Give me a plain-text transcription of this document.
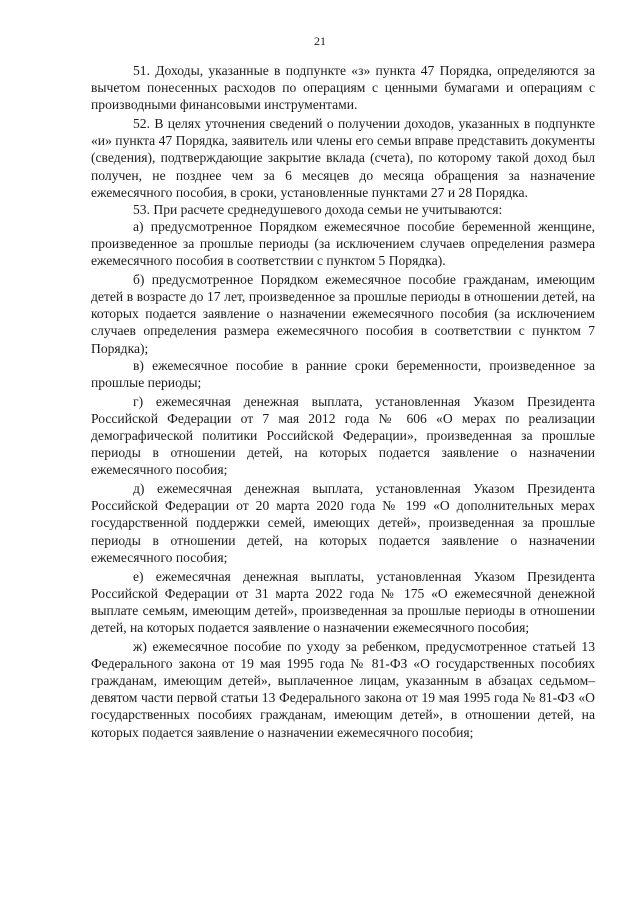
21

51. Доходы, указанные в подпункте «з» пункта 47 Порядка, определяются за вычетом понесенных расходов по операциям с ценными бумагами и операциям с производными финансовыми инструментами.

52. В целях уточнения сведений о получении доходов, указанных в подпункте «и» пункта 47 Порядка, заявитель или члены его семьи вправе представить документы (сведения), подтверждающие закрытие вклада (счета), по которому такой доход был получен, не позднее чем за 6 месяцев до месяца обращения за назначение ежемесячного пособия, в сроки, установленные пунктами 27 и 28 Порядка.

53. При расчете среднедушевого дохода семьи не учитываются:

а) предусмотренное Порядком ежемесячное пособие беременной женщине, произведенное за прошлые периоды (за исключением случаев определения размера ежемесячного пособия в соответствии с пунктом 5 Порядка).

б) предусмотренное Порядком ежемесячное пособие гражданам, имеющим детей в возрасте до 17 лет, произведенное за прошлые периоды в отношении детей, на которых подается заявление о назначении ежемесячного пособия (за исключением случаев определения размера ежемесячного пособия в соответствии с пунктом 7 Порядка);

в) ежемесячное пособие в ранние сроки беременности, произведенное за прошлые периоды;

г) ежемесячная денежная выплата, установленная Указом Президента Российской Федерации от 7 мая 2012 года № 606 «О мерах по реализации демографической политики Российской Федерации», произведенная за прошлые периоды в отношении детей, на которых подается заявление о назначении ежемесячного пособия;

д) ежемесячная денежная выплата, установленная Указом Президента Российской Федерации от 20 марта 2020 года № 199 «О дополнительных мерах государственной поддержки семей, имеющих детей», произведенная за прошлые периоды в отношении детей, на которых подается заявление о назначении ежемесячного пособия;

е) ежемесячная денежная выплаты, установленная Указом Президента Российской Федерации от 31 марта 2022 года № 175 «О ежемесячной денежной выплате семьям, имеющим детей», произведенная за прошлые периоды в отношении детей, на которых подается заявление о назначении ежемесячного пособия;

ж) ежемесячное пособие по уходу за ребенком, предусмотренное статьей 13 Федерального закона от 19 мая 1995 года № 81-ФЗ «О государственных пособиях гражданам, имеющим детей», выплаченное лицам, указанным в абзацах седьмом–девятом части первой статьи 13 Федерального закона от 19 мая 1995 года № 81-ФЗ «О государственных пособиях гражданам, имеющим детей», в отношении детей, на которых подается заявление о назначении ежемесячного пособия;
